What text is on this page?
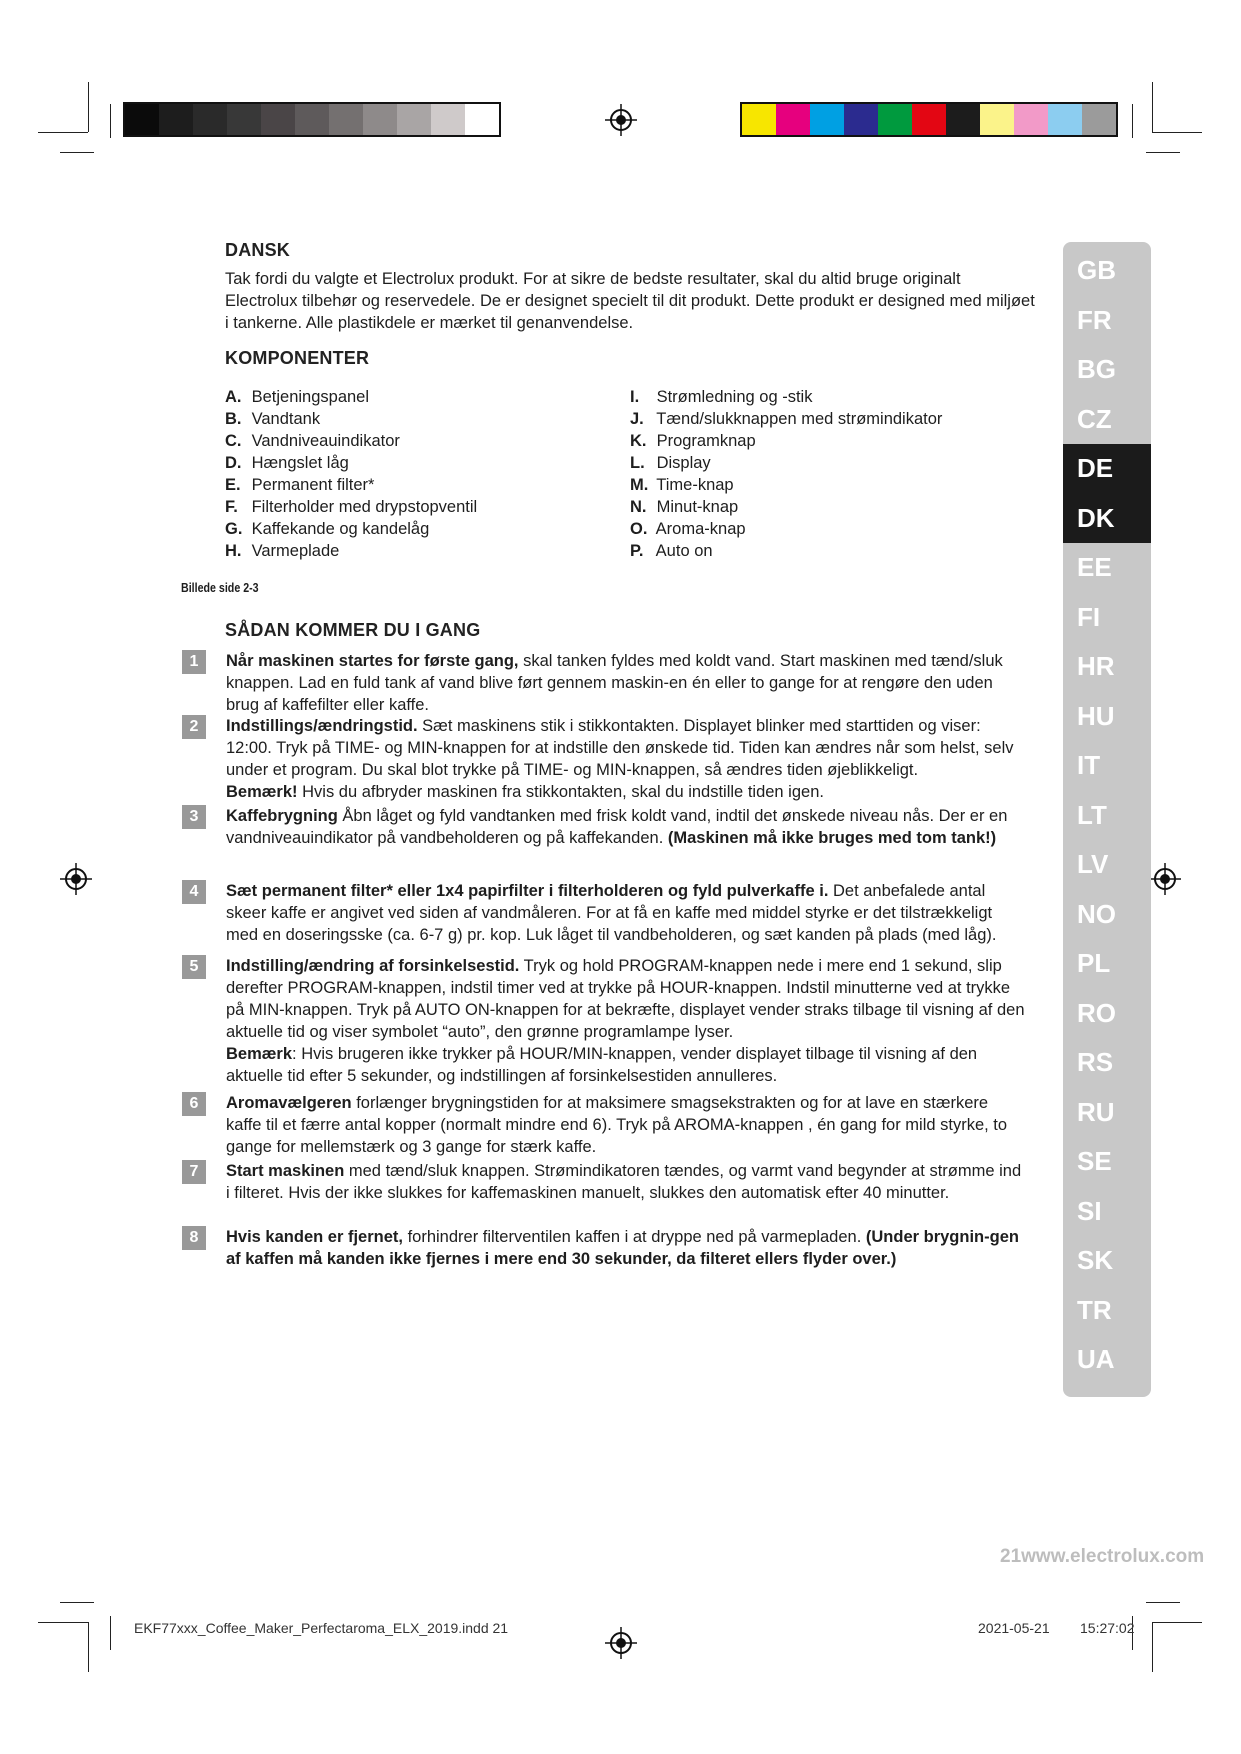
DANSK
Tak fordi du valgte et Electrolux produkt. For at sikre de bedste resultater, skal du altid bruge originalt Electrolux tilbehør og reservedele. De er designet specielt til dit produkt. Dette produkt er designed med miljøet i tankerne. Alle plastikdele er mærket til genanvendelse.
KOMPONENTER
A. Betjeningspanel
B. Vandtank
C. Vandniveauindikator
D. Hængslet låg
E. Permanent filter*
F. Filterholder med drypstopventil
G. Kaffekande og kandelåg
H. Varmeplade
I. Strømledning og -stik
J. Tænd/slukknappen med strømindikator
K. Programknap
L. Display
M. Time-knap
N. Minut-knap
O. Aroma-knap
P. Auto on
Billede side 2-3
SÅDAN KOMMER DU I GANG
1	Når maskinen startes for første gang, skal tanken fyldes med koldt vand. Start maskinen med tænd/sluk knappen. Lad en fuld tank af vand blive ført gennem maskin-en én eller to gange for at rengøre den uden brug af kaffefilter eller kaffe.
2	Indstillings/ændringstid. Sæt maskinens stik i stikkontakten. Displayet blinker med starttiden og viser: 12:00. Tryk på TIME- og MIN-knappen for at indstille den ønskede tid. Tiden kan ændres når som helst, selv under et program. Du skal blot trykke på TIME- og MIN-knappen, så ændres tiden øjeblikkeligt.
Bemærk! Hvis du afbryder maskinen fra stikkontakten, skal du indstille tiden igen.
3	Kaffebrygning Åbn låget og fyld vandtanken med frisk koldt vand, indtil det ønskede niveau nås. Der er en vandniveauindikator på vandbeholderen og på kaffekanden. (Maskinen må ikke bruges med tom tank!)
4	Sæt permanent filter* eller 1x4 papirfilter i filterholderen og fyld pulverkaffe i. Det anbefalede antal skeer kaffe er angivet ved siden af vandmåleren. For at få en kaffe med middel styrke er det tilstrækkeligt med en doseringsske (ca. 6-7 g) pr. kop. Luk låget til vandbeholderen, og sæt kanden på plads (med låg).
5	Indstilling/ændring af forsinkelsestid. Tryk og hold PROGRAM-knappen nede i mere end 1 sekund, slip derefter PROGRAM-knappen, indstil timer ved at trykke på HOUR-knappen. Indstil minutterne ved at trykke på MIN-knappen. Tryk på AUTO ON-knappen for at bekræfte, displayet vender straks tilbage til visning af den aktuelle tid og viser symbolet “auto”, den grønne programlampe lyser.
Bemærk: Hvis brugeren ikke trykker på HOUR/MIN-knappen, vender displayet tilbage til visning af den aktuelle tid efter 5 sekunder, og indstillingen af forsinkelsestiden annulleres.
6	Aromavælgeren forlænger brygningstiden for at maksimere smagsekstrakten og for at lave en stærkere kaffe til et færre antal kopper (normalt mindre end 6). Tryk på AROMA-knappen , én gang for mild styrke, to gange for mellemstærk og 3 gange for stærk kaffe.
7	Start maskinen med tænd/sluk knappen. Strømindikatoren tændes, og varmt vand begynder at strømme ind i filteret. Hvis der ikke slukkes for kaffemaskinen manuelt, slukkes den automatisk efter 40 minutter.
8	Hvis kanden er fjernet, forhindrer filterventilen kaffen i at dryppe ned på varmepladen. (Under brygnin-gen af kaffen må kanden ikke fjernes i mere end 30 sekunder, da filteret ellers flyder over.)
GB
FR
BG
CZ
DE
DK
EE
FI
HR
HU
IT
LT
LV
NO
PL
RO
RS
RU
SE
SI
SK
TR
UA
21www.electrolux.com
EKF77xxx_Coffee_Maker_Perfectaroma_ELX_2019.indd 21	2021-05-21 15:27:02
